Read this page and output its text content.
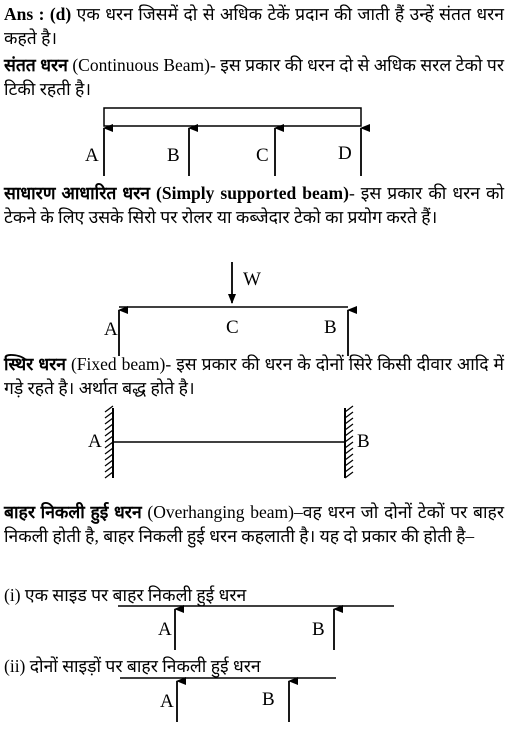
Ans : (d) एक धरन जिसमें दो से अधिक टेकें प्रदान की जाती हैं उन्हें संतत धरन कहते है।
संतत धरन (Continuous Beam)- इस प्रकार की धरन दो से अधिक सरल टेको पर टिकी रहती है।
A	B	C	D
साधारण आधारित धरन (Simply supported beam)- इस प्रकार की धरन को टेकने के लिए उसके सिरो पर रोलर या कब्जेदार टेको का प्रयोग करते हैं।
W
A	C	B
स्थिर धरन (Fixed beam)- इस प्रकार की धरन के दोनों सिरे किसी दीवार आदि में गड़े रहते है। अर्थात बद्ध होते है।
A	B
बाहर निकली हुई धरन (Overhanging beam)–वह धरन जो दोनों टेकों पर बाहर निकली होती है, बाहर निकली हुई धरन कहलाती है। यह दो प्रकार की होती है–
(i) एक साइड पर बाहर निकली हुई धरन
A	B
(ii) दोनों साइड़ों पर बाहर निकली हुई धरन
A	B
